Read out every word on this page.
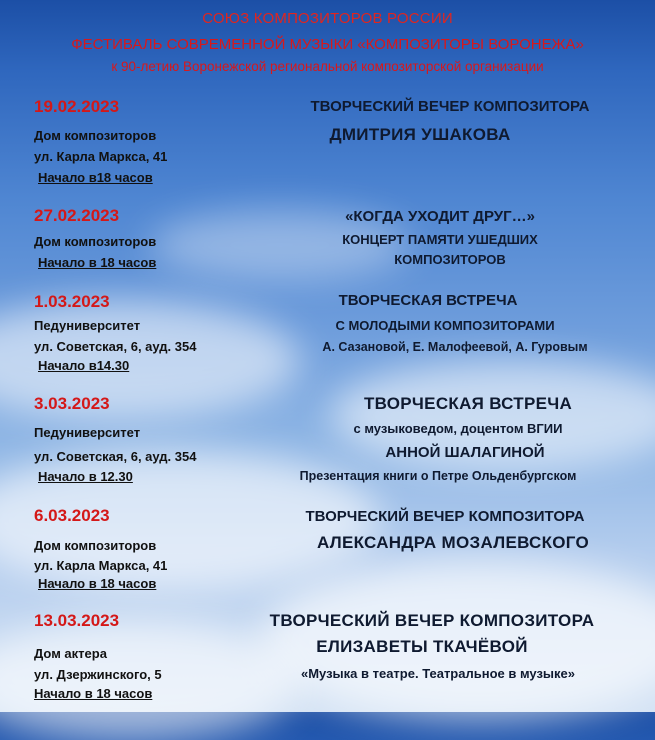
СОЮЗ КОМПОЗИТОРОВ РОССИИ
ФЕСТИВАЛЬ СОВРЕМЕННОЙ МУЗЫКИ «КОМПОЗИТОРЫ ВОРОНЕЖА»
к 90-летию Воронежской региональной композиторской организации
19.02.2023
Дом композиторов
ул. Карла Маркса, 41
Начало в18 часов
ТВОРЧЕСКИЙ ВЕЧЕР КОМПОЗИТОРА
ДМИТРИЯ УШАКОВА
27.02.2023
Дом композиторов
Начало в 18 часов
«КОГДА УХОДИТ ДРУГ…»
КОНЦЕРТ ПАМЯТИ УШЕДШИХ
КОМПОЗИТОРОВ
1.03.2023
Педуниверситет
ул. Советская, 6, ауд. 354
Начало в14.30
ТВОРЧЕСКАЯ ВСТРЕЧА
С МОЛОДЫМИ КОМПОЗИТОРАМИ
А. Сазановой, Е. Малофеевой, А. Гуровым
3.03.2023
Педуниверситет
ул. Советская, 6, ауд. 354
Начало в 12.30
ТВОРЧЕСКАЯ ВСТРЕЧА
с музыковедом, доцентом ВГИИ
АННОЙ ШАЛАГИНОЙ
Презентация книги о Петре Ольденбургском
6.03.2023
Дом композиторов
ул. Карла Маркса, 41
Начало в 18 часов
ТВОРЧЕСКИЙ ВЕЧЕР КОМПОЗИТОРА
АЛЕКСАНДРА МОЗАЛЕВСКОГО
13.03.2023
Дом актера
ул. Дзержинского, 5
Начало в 18 часов
ТВОРЧЕСКИЙ ВЕЧЕР КОМПОЗИТОРА
ЕЛИЗАВЕТЫ ТКАЧЁВОЙ
«Музыка в театре. Театральное в музыке»
